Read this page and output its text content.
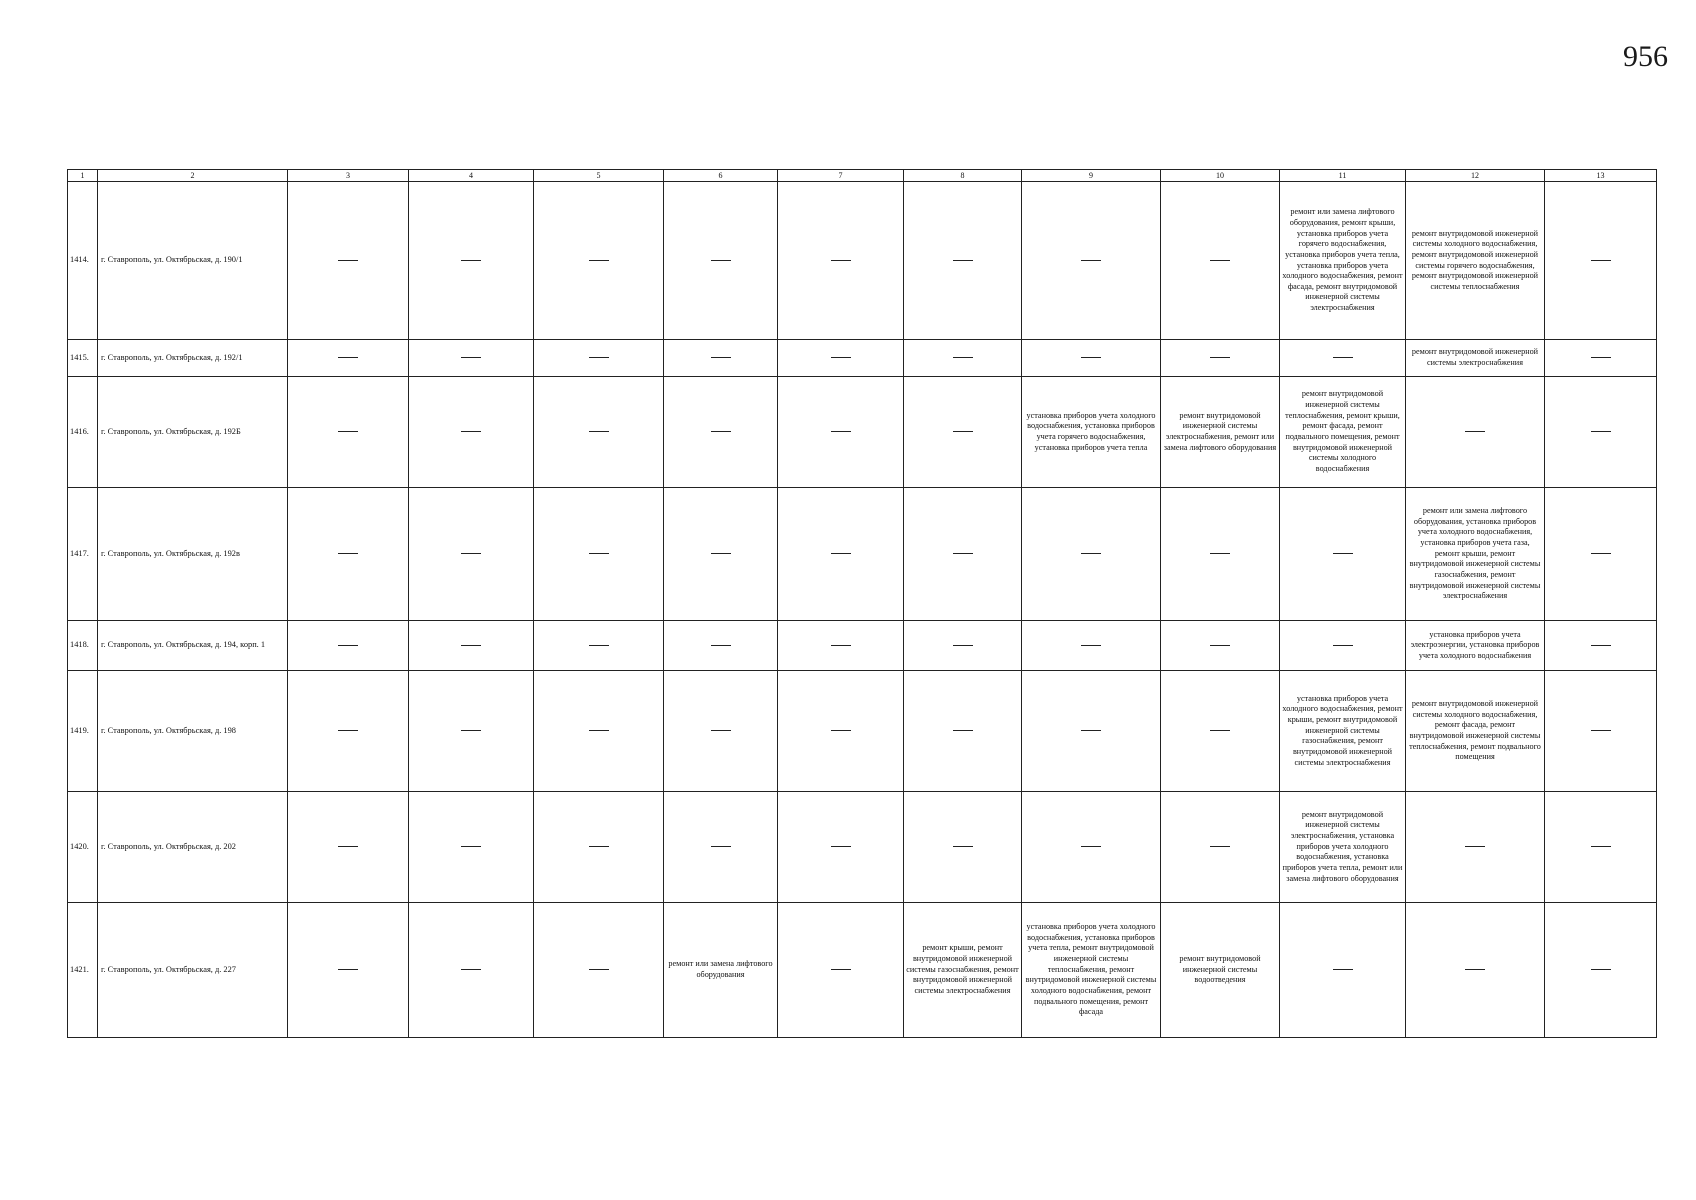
956
1	2	3	4	5	6	7	8	9	10	11	12	13
1414.	г. Ставрополь, ул. Октябрьская, д. 190/1									ремонт или замена лифтового оборудования, ремонт крыши, установка приборов учета горячего водоснабжения, установка приборов учета тепла, установка приборов учета холодного водоснабжения, ремонт фасада, ремонт внутридомовой инженерной системы электроснабжения	ремонт внутридомовой инженерной системы холодного водоснабжения, ремонт внутридомовой инженерной системы горячего водоснабжения, ремонт внутридомовой инженерной системы теплоснабжения	
1415.	г. Ставрополь, ул. Октябрьская, д. 192/1										ремонт внутридомовой инженерной системы электроснабжения	
1416.	г. Ставрополь, ул. Октябрьская, д. 192Б							установка приборов учета холодного водоснабжения, установка приборов учета горячего водоснабжения, установка приборов учета тепла	ремонт внутридомовой инженерной системы электроснабжения, ремонт или замена лифтового оборудования	ремонт внутридомовой инженерной системы теплоснабжения, ремонт крыши, ремонт фасада, ремонт подвального помещения, ремонт внутридомовой инженерной системы холодного водоснабжения		
1417.	г. Ставрополь, ул. Октябрьская, д. 192в										ремонт или замена лифтового оборудования, установка приборов учета холодного водоснабжения, установка приборов учета газа, ремонт крыши, ремонт внутридомовой инженерной системы газоснабжения, ремонт внутридомовой инженерной системы электроснабжения	
1418.	г. Ставрополь, ул. Октябрьская, д. 194, корп. 1										установка приборов учета электроэнергии, установка приборов учета холодного водоснабжения	
1419.	г. Ставрополь, ул. Октябрьская, д. 198									установка приборов учета холодного водоснабжения, ремонт крыши, ремонт внутридомовой инженерной системы газоснабжения, ремонт внутридомовой инженерной системы электроснабжения	ремонт внутридомовой инженерной системы холодного водоснабжения, ремонт фасада, ремонт внутридомовой инженерной системы теплоснабжения, ремонт подвального помещения	
1420.	г. Ставрополь, ул. Октябрьская, д. 202									ремонт внутридомовой инженерной системы электроснабжения, установка приборов учета холодного водоснабжения, установка приборов учета тепла, ремонт или замена лифтового оборудования		
1421.	г. Ставрополь, ул. Октябрьская, д. 227				ремонт или замена лифтового оборудования		ремонт крыши, ремонт внутридомовой инженерной системы газоснабжения, ремонт внутридомовой инженерной системы электроснабжения	установка приборов учета холодного водоснабжения, установка приборов учета тепла, ремонт внутридомовой инженерной системы теплоснабжения, ремонт внутридомовой инженерной системы холодного водоснабжения, ремонт подвального помещения, ремонт фасада	ремонт внутридомовой инженерной системы водоотведения			
